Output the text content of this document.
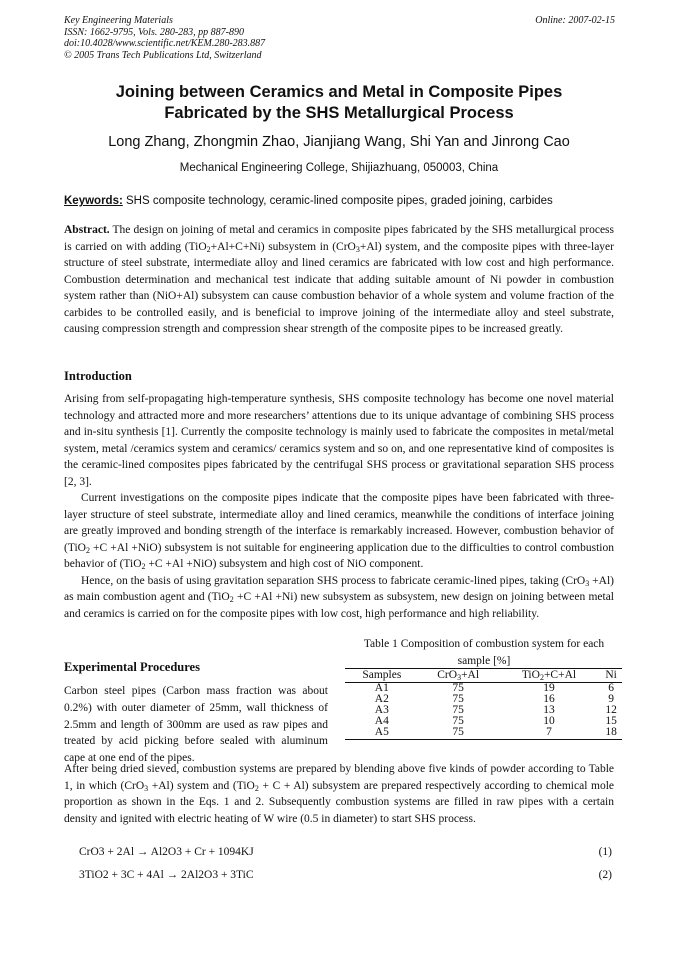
Key Engineering Materials
ISSN: 1662-9795, Vols. 280-283, pp 887-890
doi:10.4028/www.scientific.net/KEM.280-283.887
© 2005 Trans Tech Publications Ltd, Switzerland
Online: 2007-02-15
Joining between Ceramics and Metal in Composite Pipes
Fabricated by the SHS Metallurgical Process
Long Zhang, Zhongmin Zhao, Jianjiang Wang, Shi Yan and Jinrong Cao
Mechanical Engineering College, Shijiazhuang, 050003, China
Keywords: SHS composite technology, ceramic-lined composite pipes, graded joining, carbides
Abstract. The design on joining of metal and ceramics in composite pipes fabricated by the SHS metallurgical process is carried on with adding (TiO$_2$+Al+C+Ni) subsystem in (CrO$_3$+Al) system, and the composite pipes with three-layer structure of steel substrate, intermediate alloy and lined ceramics are fabricated with low cost and high performance. Combustion determination and mechanical test indicate that adding suitable amount of Ni powder in combustion system rather than (NiO+Al) subsystem can cause combustion behavior of a whole system and volume fraction of the carbides to be controlled easily, and is beneficial to improve joining of the intermediate alloy and steel substrate, causing compression strength and compression shear strength of the composite pipes to be increased greatly.
Introduction
Arising from self-propagating high-temperature synthesis, SHS composite technology has become one novel material technology and attracted more and more researchers’ attentions due to its unique advantage of combining SHS process and in-situ synthesis [1]. Currently the composite technology is mainly used to fabricate the composites in metal/metal system, metal /ceramics system and ceramics/ ceramics system and so on, and one representative kind of composites is the ceramic-lined composites pipes fabricated by the centrifugal SHS process or gravitational separation SHS process [2, 3].
Current investigations on the composite pipes indicate that the composite pipes have been fabricated with three-layer structure of steel substrate, intermediate alloy and lined ceramics, meanwhile the conditions of interface joining are greatly improved and bonding strength of the interface is remarkably increased. However, combustion behavior of (TiO$_2$ +C +Al +NiO) subsystem is not suitable for engineering application due to the difficulties to control combustion behavior of (TiO$_2$ +C +Al +NiO) subsystem and high cost of NiO component.
Hence, on the basis of using gravitation separation SHS process to fabricate ceramic-lined pipes, taking (CrO$_3$ +Al) as main combustion agent and (TiO$_2$ +C +Al +Ni) new subsystem as subsystem, new design on joining between metal and ceramics is carried on for the composite pipes with low cost, high performance and high reliability.
Experimental Procedures
Carbon steel pipes (Carbon mass fraction was about 0.2%) with outer diameter of 25mm, wall thickness of 2.5mm and length of 300mm are used as raw pipes and treated by acid picking before sealed with aluminum cape at one end of the pipes.
Table 1 Composition of combustion system for each sample [%]
Samples	CrO$_3$+Al	TiO$_2$+C+Al	Ni
A1	75	19	6
A2	75	16	9
A3	75	13	12
A4	75	10	15
A5	75	7	18
After being dried sieved, combustion systems are prepared by blending above five kinds of powder according to Table 1, in which (CrO$_3$ +Al) system and (TiO$_2$ + C + Al) subsystem are prepared respectively according to chemical mole proportion as shown in the Eqs. 1 and 2. Subsequently combustion systems are filled in raw pipes with a certain density and ignited with electric heating of W wire (0.5 in diameter) to start SHS process.
CrO3 + 2Al → Al2O3 + Cr + 1094KJ	(1)
3TiO2 + 3C + 4Al → 2Al2O3 + 3TiC	(2)
